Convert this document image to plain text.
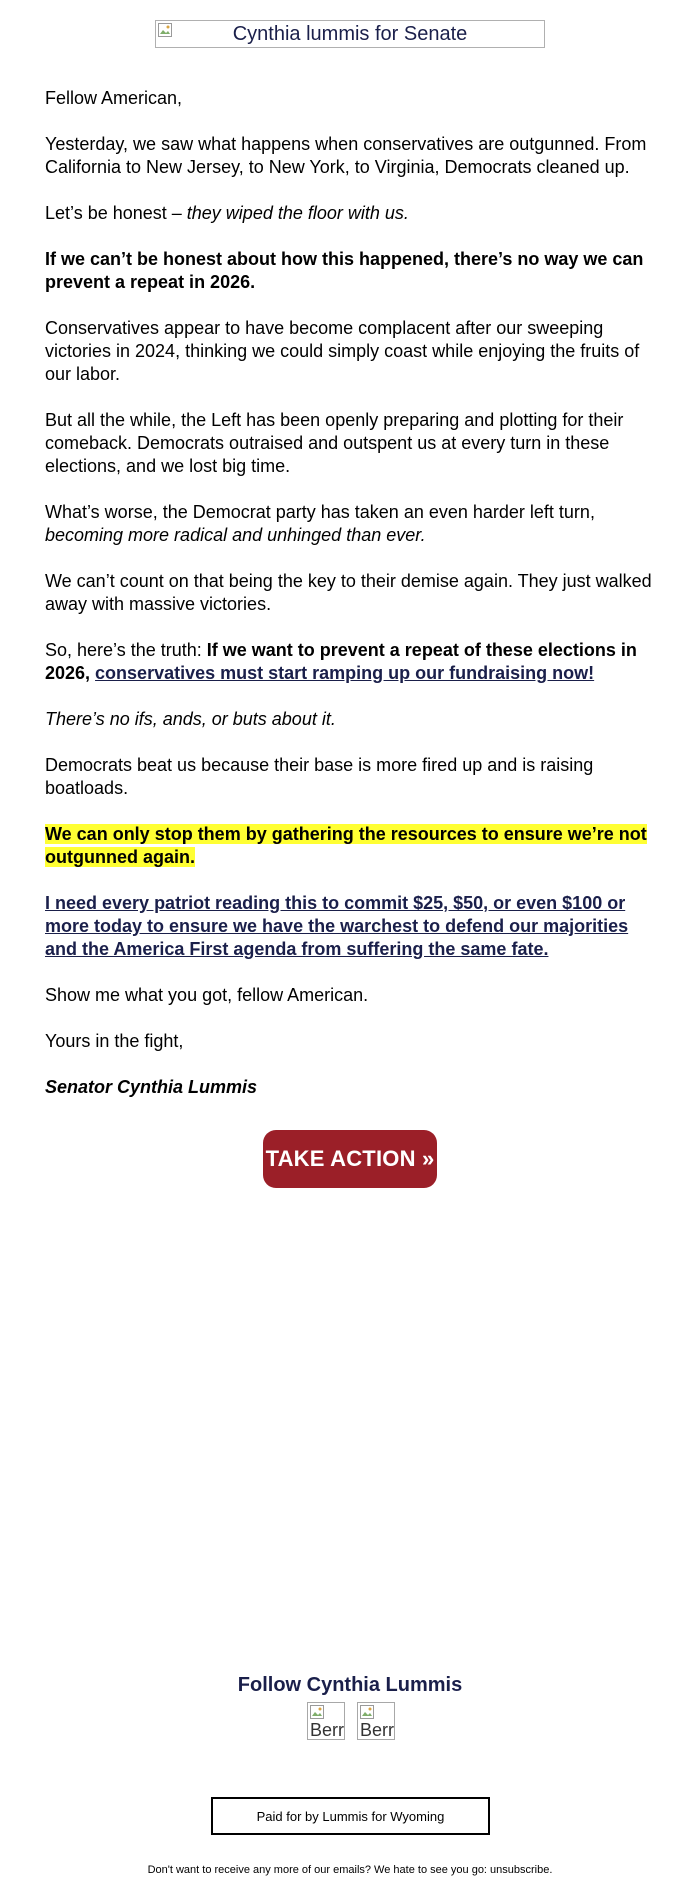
Cynthia lummis for Senate

Fellow American,

Yesterday, we saw what happens when conservatives are outgunned. From California to New Jersey, to New York, to Virginia, Democrats cleaned up.

Let’s be honest – they wiped the floor with us.

If we can’t be honest about how this happened, there’s no way we can prevent a repeat in 2026.

Conservatives appear to have become complacent after our sweeping victories in 2024, thinking we could simply coast while enjoying the fruits of our labor.

But all the while, the Left has been openly preparing and plotting for their comeback. Democrats outraised and outspent us at every turn in these elections, and we lost big time.

What’s worse, the Democrat party has taken an even harder left turn, becoming more radical and unhinged than ever.

We can’t count on that being the key to their demise again. They just walked away with massive victories.

So, here’s the truth: If we want to prevent a repeat of these elections in 2026, conservatives must start ramping up our fundraising now!

There’s no ifs, ands, or buts about it.

Democrats beat us because their base is more fired up and is raising boatloads.

We can only stop them by gathering the resources to ensure we’re not outgunned again.

I need every patriot reading this to commit $25, $50, or even $100 or more today to ensure we have the warchest to defend our majorities and the America First agenda from suffering the same fate.

Show me what you got, fellow American.

Yours in the fight,

Senator Cynthia Lummis

TAKE ACTION »
Follow Cynthia Lummis
Berr Berr
Paid for by Lummis for Wyoming
Don't want to receive any more of our emails? We hate to see you go: unsubscribe.
